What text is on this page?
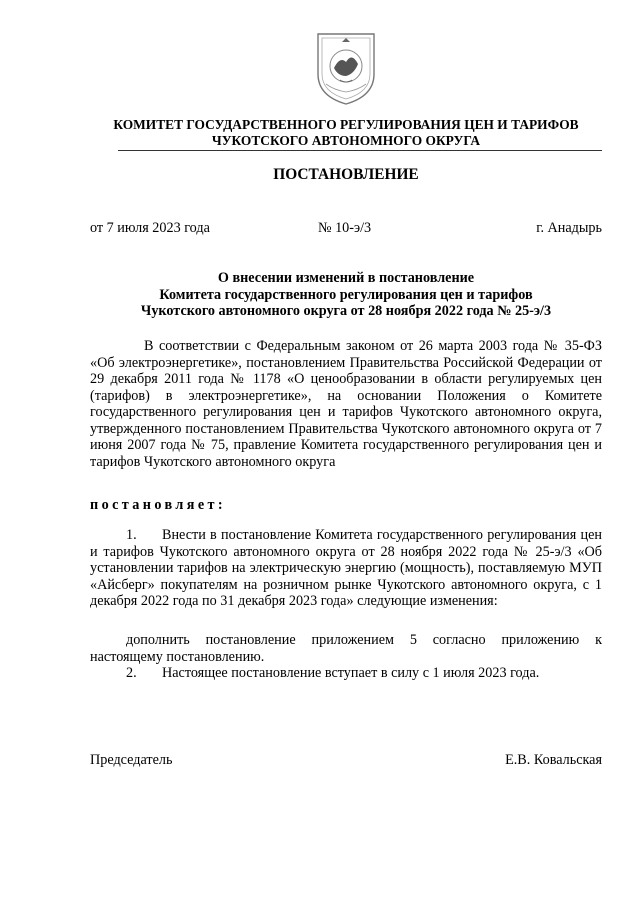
КОМИТЕТ ГОСУДАРСТВЕННОГО РЕГУЛИРОВАНИЯ ЦЕН И ТАРИФОВ
ЧУКОТСКОГО АВТОНОМНОГО ОКРУГА
ПОСТАНОВЛЕНИЕ
от 7 июля 2023 года	№ 10-э/3	г. Анадырь
О внесении изменений в постановление
Комитета государственного регулирования цен и тарифов
Чукотского автономного округа от 28 ноября 2022 года № 25-э/3
В соответствии с Федеральным законом от 26 марта 2003 года № 35-ФЗ «Об электроэнергетике», постановлением Правительства Российской Федерации от 29 декабря 2011 года № 1178 «О ценообразовании в области регулируемых цен (тарифов) в электроэнергетике», на основании Положения о Комитете государственного регулирования цен и тарифов Чукотского автономного округа, утвержденного постановлением Правительства Чукотского автономного округа от 7 июня 2007 года № 75, правление Комитета государственного регулирования цен и тарифов Чукотского автономного округа
постановляет:
1. Внести в постановление Комитета государственного регулирования цен и тарифов Чукотского автономного округа от 28 ноября 2022 года № 25-э/3 «Об установлении тарифов на электрическую энергию (мощность), поставляемую МУП «Айсберг» покупателям на розничном рынке Чукотского автономного округа, с 1 декабря 2022 года по 31 декабря 2023 года» следующие изменения:
дополнить постановление приложением 5 согласно приложению к настоящему постановлению.
2. Настоящее постановление вступает в силу с 1 июля 2023 года.
Председатель	Е.В. Ковальская
